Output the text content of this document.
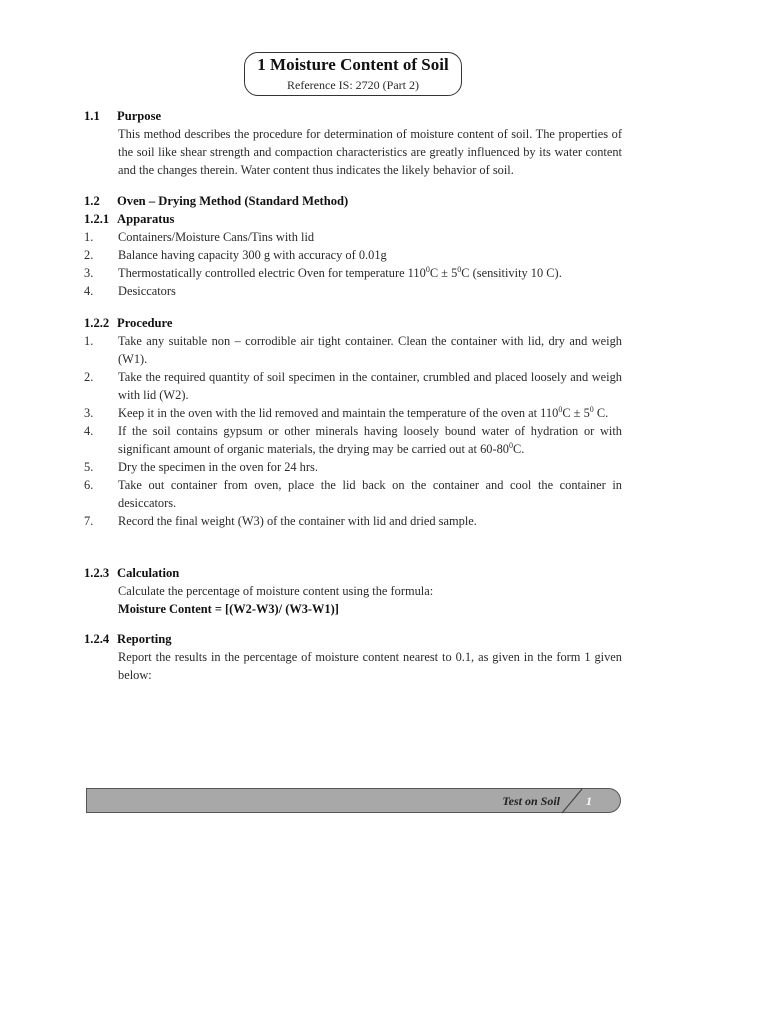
1 Moisture Content of Soil
Reference IS: 2720 (Part 2)
1.1 Purpose
This method describes the procedure for determination of moisture content of soil. The properties of the soil like shear strength and compaction characteristics are greatly influenced by its water content and the changes therein. Water content thus indicates the likely behavior of soil.
1.2 Oven – Drying Method (Standard Method)
1.2.1 Apparatus
1. Containers/Moisture Cans/Tins with lid
2. Balance having capacity 300 g with accuracy of 0.01g
3. Thermostatically controlled electric Oven for temperature $110^0C \pm 5^0C$ (sensitivity 10 C).
4. Desiccators
1.2.2 Procedure
1. Take any suitable non – corrodible air tight container. Clean the container with lid, dry and weigh (W1).
2. Take the required quantity of soil specimen in the container, crumbled and placed loosely and weigh with lid (W2).
3. Keep it in the oven with the lid removed and maintain the temperature of the oven at $110^0C \pm 5^0$ C.
4. If the soil contains gypsum or other minerals having loosely bound water of hydration or with significant amount of organic materials, the drying may be carried out at $60-80^0C$.
5. Dry the specimen in the oven for 24 hrs.
6. Take out container from oven, place the lid back on the container and cool the container in desiccators.
7. Record the final weight (W3) of the container with lid and dried sample.
1.2.3 Calculation
Calculate the percentage of moisture content using the formula:
Moisture Content = [(W2-W3)/ (W3-W1)]
1.2.4 Reporting
Report the results in the percentage of moisture content nearest to 0.1, as given in the form 1 given below:
Test on Soil 1
